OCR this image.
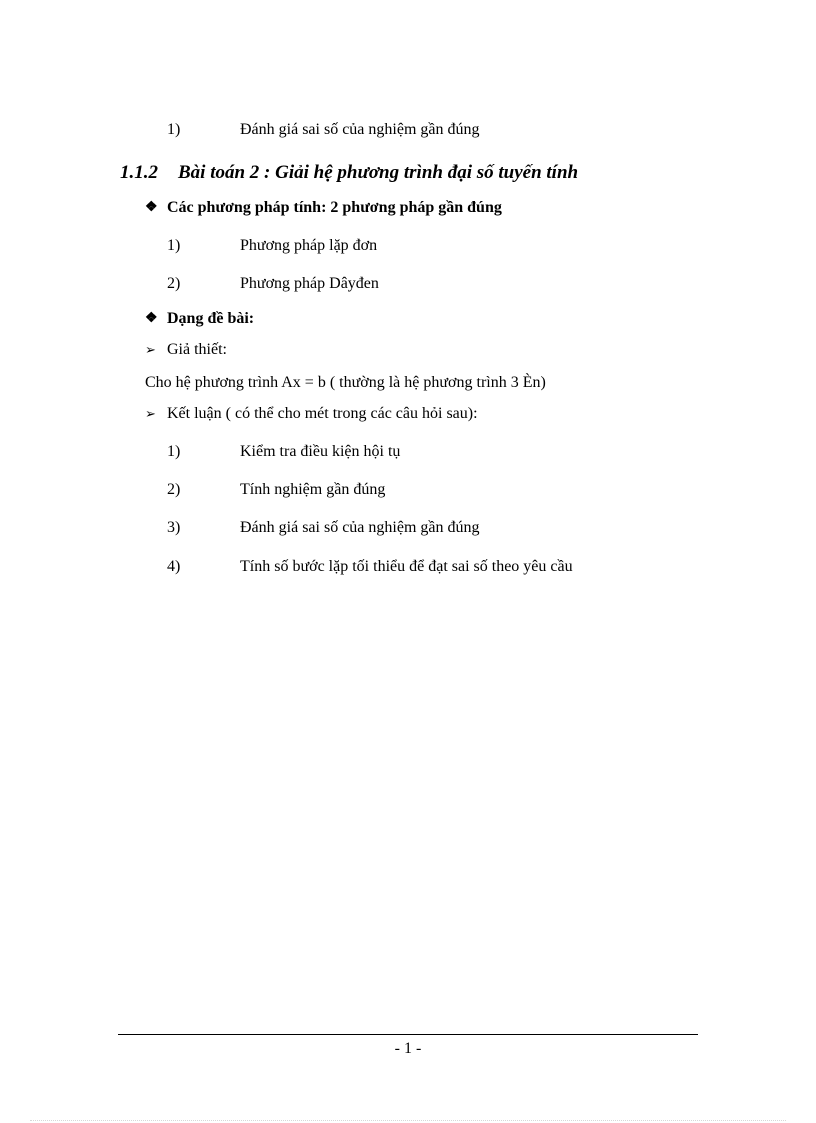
1)	Đánh giá sai số của nghiệm gần đúng
1.1.2 Bài toán 2 : Giải hệ phương trình đại số tuyến tính
❖ Các phương pháp tính: 2 phương pháp gần đúng
1)	Phương pháp lặp đơn
2)	Phương pháp Dâyđen
❖ Dạng đề bài:
➢ Giả thiết:
Cho hệ phương trình Ax = b ( thường là hệ phương trình 3 Èn)
➢ Kết luận ( có thể cho mét trong các câu hỏi sau):
1)	Kiểm tra điều kiện hội tụ
2)	Tính nghiệm gần đúng
3)	Đánh giá sai số của nghiệm gần đúng
4)	Tính số bước lặp tối thiểu để đạt sai số theo yêu cầu
- 1 -
